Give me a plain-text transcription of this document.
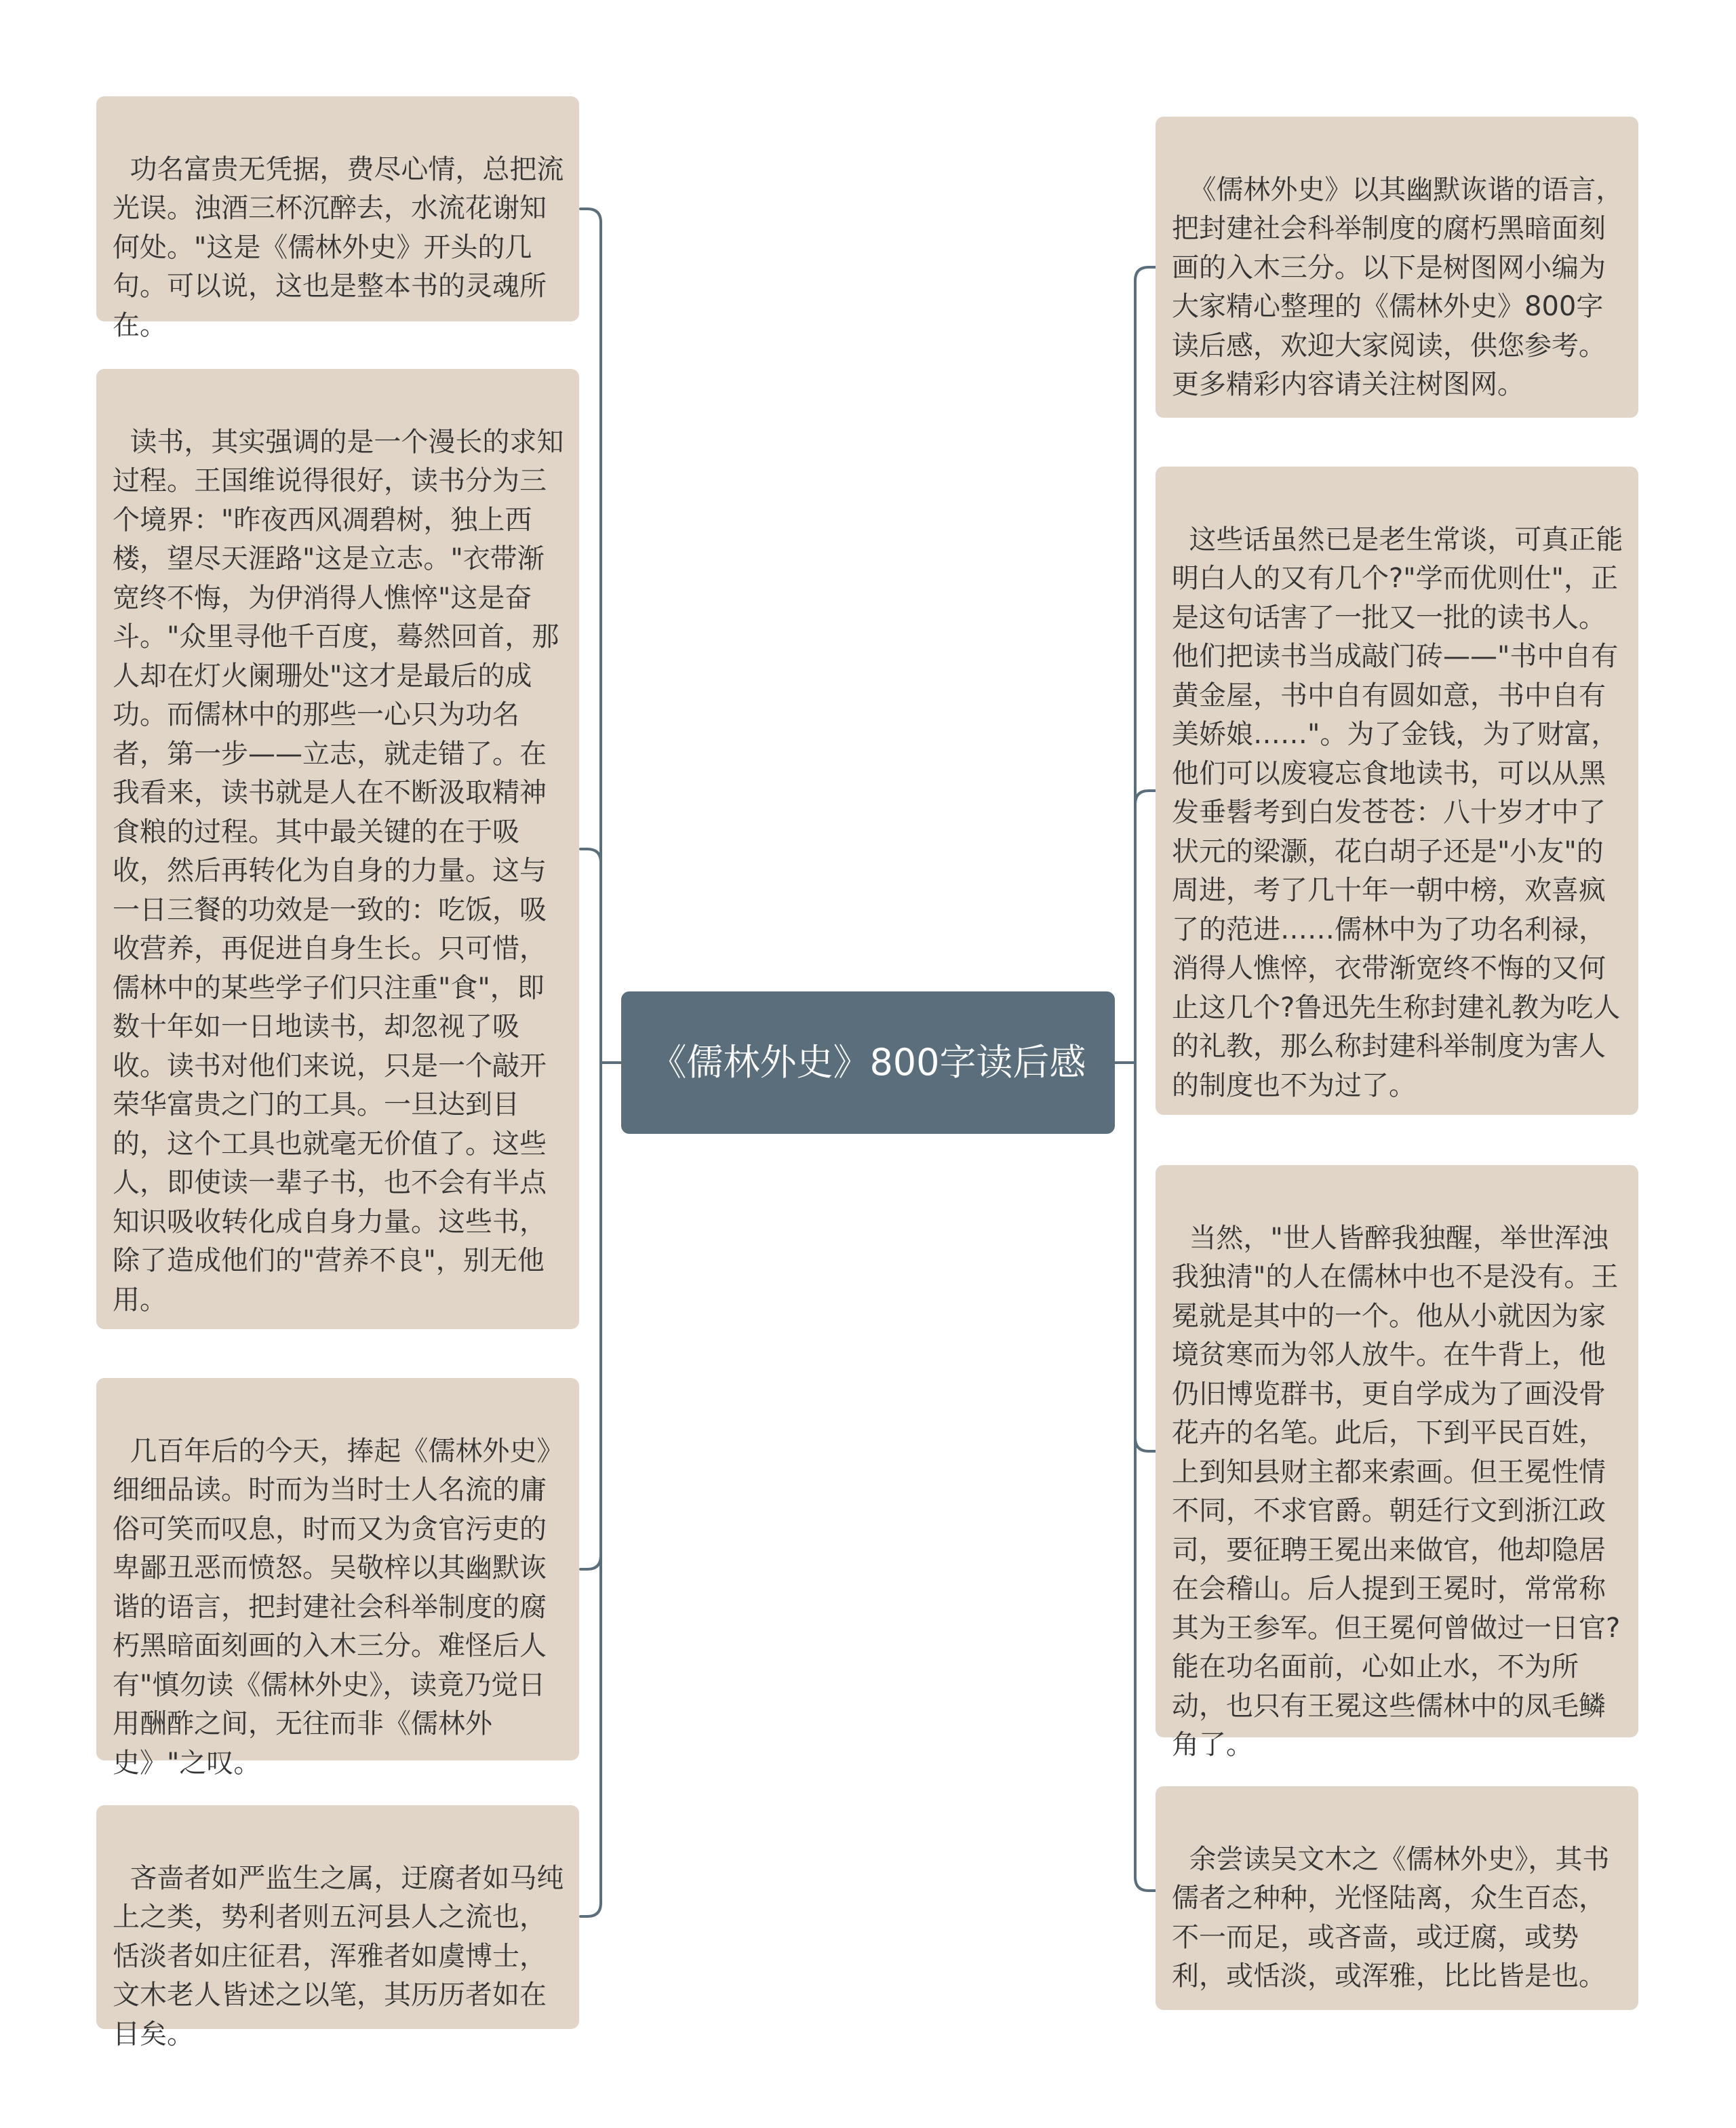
《儒林外史》800字读后感

功名富贵无凭据，费尽心情，总把流光误。浊酒三杯沉醉去，水流花谢知何处。"这是《儒林外史》开头的几句。可以说，这也是整本书的灵魂所在。

读书，其实强调的是一个漫长的求知过程。王国维说得很好，读书分为三个境界："昨夜西风凋碧树，独上西楼，望尽天涯路"这是立志。"衣带渐宽终不悔，为伊消得人憔悴"这是奋斗。"众里寻他千百度，蓦然回首，那人却在灯火阑珊处"这才是最后的成功。而儒林中的那些一心只为功名者，第一步——立志，就走错了。在我看来，读书就是人在不断汲取精神食粮的过程。其中最关键的在于吸收，然后再转化为自身的力量。这与一日三餐的功效是一致的：吃饭，吸收营养，再促进自身生长。只可惜，儒林中的某些学子们只注重"食"，即数十年如一日地读书，却忽视了吸收。读书对他们来说，只是一个敲开荣华富贵之门的工具。一旦达到目的，这个工具也就毫无价值了。这些人，即使读一辈子书，也不会有半点知识吸收转化成自身力量。这些书，除了造成他们的"营养不良"，别无他用。

几百年后的今天，捧起《儒林外史》细细品读。时而为当时士人名流的庸俗可笑而叹息，时而又为贪官污吏的卑鄙丑恶而愤怒。吴敬梓以其幽默诙谐的语言，把封建社会科举制度的腐朽黑暗面刻画的入木三分。难怪后人有"慎勿读《儒林外史》，读竟乃觉日用酬酢之间，无往而非《儒林外史》"之叹。

吝啬者如严监生之属，迂腐者如马纯上之类，势利者则五河县人之流也，恬淡者如庄征君，浑雅者如虞博士，文木老人皆述之以笔，其历历者如在目矣。

《儒林外史》以其幽默诙谐的语言，把封建社会科举制度的腐朽黑暗面刻画的入木三分。以下是树图网小编为大家精心整理的《儒林外史》800字读后感，欢迎大家阅读，供您参考。更多精彩内容请关注树图网。

这些话虽然已是老生常谈，可真正能明白人的又有几个?"学而优则仕"，正是这句话害了一批又一批的读书人。他们把读书当成敲门砖——"书中自有黄金屋，书中自有圆如意，书中自有美娇娘……"。为了金钱，为了财富，他们可以废寝忘食地读书，可以从黑发垂髫考到白发苍苍：八十岁才中了状元的梁灏，花白胡子还是"小友"的周进，考了几十年一朝中榜，欢喜疯了的范进……儒林中为了功名利禄，消得人憔悴，衣带渐宽终不悔的又何止这几个?鲁迅先生称封建礼教为吃人的礼教，那么称封建科举制度为害人的制度也不为过了。

当然，"世人皆醉我独醒，举世浑浊我独清"的人在儒林中也不是没有。王冕就是其中的一个。他从小就因为家境贫寒而为邻人放牛。在牛背上，他仍旧博览群书，更自学成为了画没骨花卉的名笔。此后，下到平民百姓，上到知县财主都来索画。但王冕性情不同，不求官爵。朝廷行文到浙江政司，要征聘王冕出来做官，他却隐居在会稽山。后人提到王冕时，常常称其为王参军。但王冕何曾做过一日官?能在功名面前，心如止水，不为所动，也只有王冕这些儒林中的凤毛鳞角了。

余尝读吴文木之《儒林外史》，其书儒者之种种，光怪陆离，众生百态，不一而足，或吝啬，或迂腐，或势利，或恬淡，或浑雅，比比皆是也。
